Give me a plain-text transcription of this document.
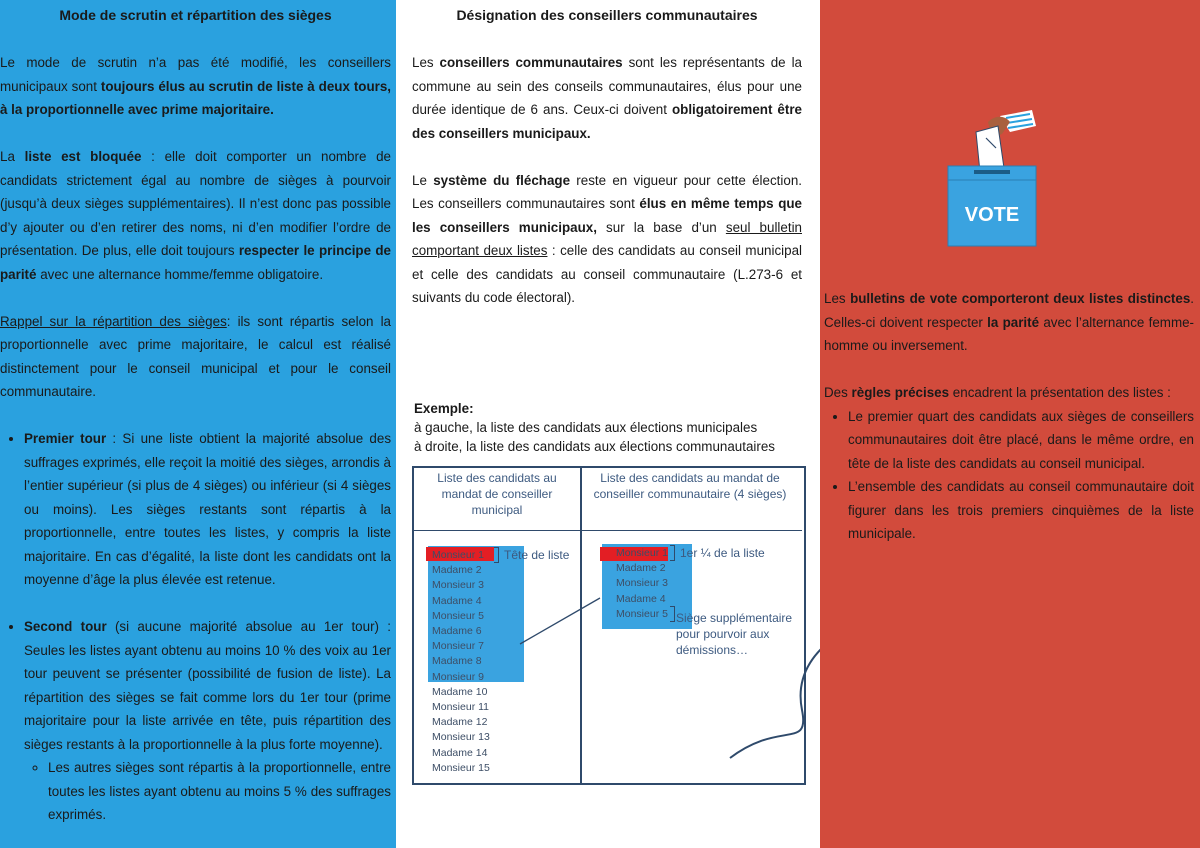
Mode de scrutin et répartition des sièges

Le mode de scrutin n’a pas été modifié, les conseillers municipaux sont toujours élus au scrutin de liste à deux tours, à la proportionnelle avec prime majoritaire.

La liste est bloquée : elle doit comporter un nombre de candidats strictement égal au nombre de sièges à pourvoir (jusqu’à deux sièges supplémentaires). Il n’est donc pas possible d’y ajouter ou d’en retirer des noms, ni d’en modifier l’ordre de présentation. De plus, elle doit toujours respecter le principe de parité avec une alternance homme/femme obligatoire.

Rappel sur la répartition des sièges: ils sont répartis selon la proportionnelle avec prime majoritaire, le calcul est réalisé distinctement pour le conseil municipal et pour le conseil communautaire.

• Premier tour : Si une liste obtient la majorité absolue des suffrages exprimés, elle reçoit la moitié des sièges, arrondis à l’entier supérieur (si plus de 4 sièges) ou inférieur (si 4 sièges ou moins). Les sièges restants sont répartis à la proportionnelle, entre toutes les listes, y compris la liste majoritaire. En cas d’égalité, la liste dont les candidats ont la moyenne d’âge la plus élevée est retenue.
• Second tour (si aucune majorité absolue au 1er tour) : Seules les listes ayant obtenu au moins 10 % des voix au 1er tour peuvent se présenter (possibilité de fusion de liste). La répartition des sièges se fait comme lors du 1er tour (prime majoritaire pour la liste arrivée en tête, puis répartition des sièges restants à la proportionnelle à la plus forte moyenne).
◦ Les autres sièges sont répartis à la proportionnelle, entre toutes les listes ayant obtenu au moins 5 % des suffrages exprimés.
Désignation des conseillers communautaires

Les conseillers communautaires sont les représentants de la commune au sein des conseils communautaires, élus pour une durée identique de 6 ans. Ceux-ci doivent obligatoirement être des conseillers municipaux.

Le système du fléchage reste en vigueur pour cette élection. Les conseillers communautaires sont élus en même temps que les conseillers municipaux, sur la base d’un seul bulletin comportant deux listes : celle des candidats au conseil municipal et celle des candidats au conseil communautaire (L.273-6 et suivants du code électoral).

Exemple:
à gauche, la liste des candidats aux élections municipales
à droite, la liste des candidats aux élections communautaires
Liste des candidats au mandat de conseiller municipal
Liste des candidats au mandat de conseiller communautaire (4 sièges)
Monsieur 1
Madame 2
Monsieur 3
Madame 4
Monsieur 5
Madame 6
Monsieur 7
Madame 8
Monsieur 9
Madame 10
Monsieur 11
Madame 12
Monsieur 13
Madame 14
Monsieur 15
Tête de liste	Monsieur 1
Madame 2
Monsieur 3
Madame 4
Monsieur 5
1er ¼ de la liste
Siège supplémentaire pour pourvoir aux démissions…
VOTE

Les bulletins de vote comporteront deux listes distinctes. Celles-ci doivent respecter la parité avec l’alternance femme-homme ou inversement.

Des règles précises encadrent la présentation des listes :

• Le premier quart des candidats aux sièges de conseillers communautaires doit être placé, dans le même ordre, en tête de la liste des candidats au conseil municipal.
• L’ensemble des candidats au conseil communautaire doit figurer dans les trois premiers cinquièmes de la liste municipale.
